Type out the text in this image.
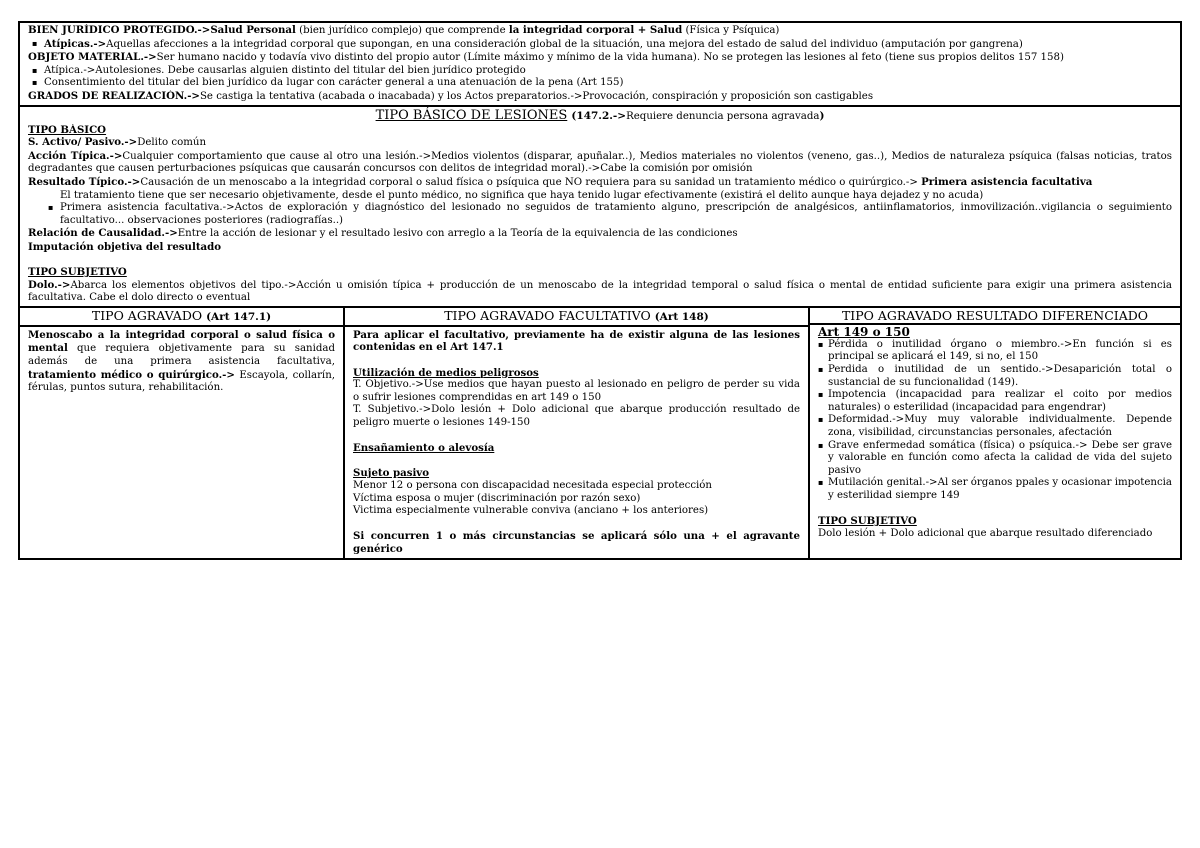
BIEN JURÍDICO PROTEGIDO.->Salud Personal (bien jurídico complejo) que comprende la integridad corporal + Salud (Física y Psíquica)
▪ Atípicas.->Aquellas afecciones a la integridad corporal que supongan, en una consideración global de la situación, una mejora del estado de salud del individuo (amputación por gangrena)
OBJETO MATERIAL.->Ser humano nacido y todavía vivo distinto del propio autor (Límite máximo y mínimo de la vida humana). No se protegen las lesiones al feto (tiene sus propios delitos 157 158)
▪ Atípica.->Autolesiones. Debe causarlas alguien distinto del titular del bien jurídico protegido
▪ Consentimiento del titular del bien jurídico da lugar con carácter general a una atenuación de la pena (Art 155)
GRADOS DE REALIZACIÓN.->Se castiga la tentativa (acabada o inacabada) y los Actos preparatorios.->Provocación, conspiración y proposición son castigables
TIPO BÁSICO DE LESIONES (147.2.->Requiere denuncia persona agravada)
TIPO BÁSICO
S. Activo/ Pasivo.->Delito común
Acción Típica.->Cualquier comportamiento que cause al otro una lesión.->Medios violentos (disparar, apuñalar..), Medios materiales no violentos (veneno, gas..), Medios de naturaleza psíquica (falsas noticias, tratos degradantes que causen perturbaciones psíquicas que causarán concursos con delitos de integridad moral).->Cabe la comisión por omisión
Resultado Típico.->Causación de un menoscabo a la integridad corporal o salud física o psíquica que NO requiera para su sanidad un tratamiento médico o quirúrgico.-> Primera asistencia facultativa
El tratamiento tiene que ser necesario objetivamente, desde el punto médico, no significa que haya tenido lugar efectivamente (existirá el delito aunque haya dejadez y no acuda)
▪ Primera asistencia facultativa.->Actos de exploración y diagnóstico del lesionado no seguidos de tratamiento alguno, prescripción de analgésicos, antiinflamatorios, inmovilización..vigilancia o seguimiento facultativo... observaciones posteriores (radiografías..)
Relación de Causalidad.->Entre la acción de lesionar y el resultado lesivo con arreglo a la Teoría de la equivalencia de las condiciones
Imputación objetiva del resultado
TIPO SUBJETIVO
Dolo.->Abarca los elementos objetivos del tipo.->Acción u omisión típica + producción de un menoscabo de la integridad temporal o salud física o mental de entidad suficiente para exigir una primera asistencia facultativa. Cabe el dolo directo o eventual
TIPO AGRAVADO (Art 147.1)

Menoscabo a la integridad corporal o salud física o mental que requiera objetivamente para su sanidad además de una primera asistencia facultativa, tratamiento médico o quirúrgico.-> Escayola, collarín, férulas, puntos sutura, rehabilitación.

TIPO AGRAVADO FACULTATIVO (Art 148)

Para aplicar el facultativo, previamente ha de existir alguna de las lesiones contenidas en el Art 147.1

Utilización de medios peligrosos

T. Objetivo.->Use medios que hayan puesto al lesionado en peligro de perder su vida o sufrir lesiones comprendidas en art 149 o 150

T. Subjetivo.->Dolo lesión + Dolo adicional que abarque producción resultado de peligro muerte o lesiones 149-150

Ensañamiento o alevosía

Sujeto pasivo

Menor 12 o persona con discapacidad necesitada especial protección

Víctima esposa o mujer (discriminación por razón sexo)

Victima especialmente vulnerable conviva (anciano + los anteriores)

Si concurren 1 o más circunstancias se aplicará sólo una + el agravante genérico

TIPO AGRAVADO RESULTADO DIFERENCIADO

Art 149 o 150

▪ Pérdida o inutilidad órgano o miembro.->En función si es principal se aplicará el 149, si no, el 150

▪ Perdida o inutilidad de un sentido.->Desaparición total o sustancial de su funcionalidad (149).

▪ Impotencia (incapacidad para realizar el coito por medios naturales) o esterilidad (incapacidad para engendrar)

▪ Deformidad.->Muy muy valorable individualmente. Depende zona, visibilidad, circunstancias personales, afectación

▪ Grave enfermedad somática (física) o psíquica.-> Debe ser grave y valorable en función como afecta la calidad de vida del sujeto pasivo

▪ Mutilación genital.->Al ser órganos ppales y ocasionar impotencia y esterilidad siempre 149

TIPO SUBJETIVO

Dolo lesión + Dolo adicional que abarque resultado diferenciado
